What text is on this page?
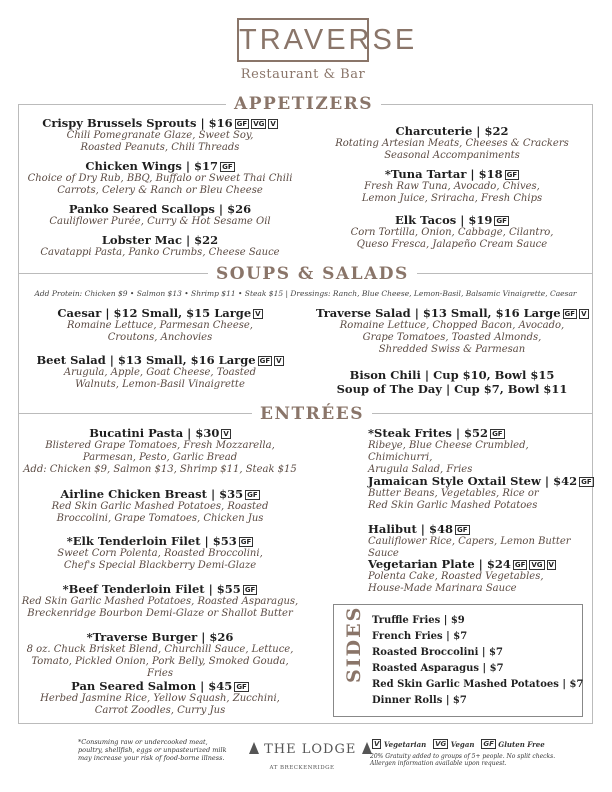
TRAVERSE
Restaurant & Bar
APPETIZERS
Crispy Brussels Sprouts | $16 GF VG V
Chili Pomegranate Glaze, Sweet Soy,
Roasted Peanuts, Chili Threads
Chicken Wings | $17 GF
Choice of Dry Rub, BBQ, Buffalo or Sweet Thai Chili
Carrots, Celery & Ranch or Bleu Cheese
Panko Seared Scallops | $26
Cauliflower Purée, Curry & Hot Sesame Oil
Lobster Mac | $22
Cavatappi Pasta, Panko Crumbs, Cheese Sauce
Charcuterie | $22
Rotating Artesian Meats, Cheeses & Crackers
Seasonal Accompaniments
*Tuna Tartar | $18 GF
Fresh Raw Tuna, Avocado, Chives,
Lemon Juice, Sriracha, Fresh Chips
Elk Tacos | $19 GF
Corn Tortilla, Onion, Cabbage, Cilantro,
Queso Fresca, Jalapeño Cream Sauce
SOUPS & SALADS
Add Protein: Chicken $9 • Salmon $13 • Shrimp $11 • Steak $15 | Dressings: Ranch, Blue Cheese, Lemon-Basil, Balsamic Vinaigrette, Caesar
Caesar | $12 Small, $15 Large V
Romaine Lettuce, Parmesan Cheese,
Croutons, Anchovies
Beet Salad | $13 Small, $16 Large GF V
Arugula, Apple, Goat Cheese, Toasted
Walnuts, Lemon-Basil Vinaigrette
Traverse Salad | $13 Small, $16 Large GF V
Romaine Lettuce, Chopped Bacon, Avocado,
Grape Tomatoes, Toasted Almonds,
Shredded Swiss & Parmesan
Bison Chili | Cup $10, Bowl $15
Soup of The Day | Cup $7, Bowl $11
ENTRÉES
Bucatini Pasta | $30 V
Blistered Grape Tomatoes, Fresh Mozzarella,
Parmesan, Pesto, Garlic Bread
Add: Chicken $9, Salmon $13, Shrimp $11, Steak $15
Airline Chicken Breast | $35 GF
Red Skin Garlic Mashed Potatoes, Roasted
Broccolini, Grape Tomatoes, Chicken Jus
*Elk Tenderloin Filet | $53 GF
Sweet Corn Polenta, Roasted Broccolini,
Chef's Special Blackberry Demi-Glaze
*Beef Tenderloin Filet | $55 GF
Red Skin Garlic Mashed Potatoes, Roasted Asparagus,
Breckenridge Bourbon Demi-Glaze or Shallot Butter
*Traverse Burger | $26
8 oz. Chuck Brisket Blend, Churchill Sauce, Lettuce,
Tomato, Pickled Onion, Pork Belly, Smoked Gouda, Fries
Pan Seared Salmon | $45 GF
Herbed Jasmine Rice, Yellow Squash, Zucchini,
Carrot Zoodles, Curry Jus
*Steak Frites | $52 GF
Ribeye, Blue Cheese Crumbled, Chimichurri,
Arugula Salad, Fries
Jamaican Style Oxtail Stew | $42 GF
Butter Beans, Vegetables, Rice or
Red Skin Garlic Mashed Potatoes
Halibut | $48 GF
Cauliflower Rice, Capers, Lemon Butter Sauce
Vegetarian Plate | $24 GF VG V
Polenta Cake, Roasted Vegetables,
House-Made Marinara Sauce
SIDES Truffle Fries | $9
French Fries | $7
Roasted Broccolini | $7
Roasted Asparagus | $7
Red Skin Garlic Mashed Potatoes | $7
Dinner Rolls | $7
*Consuming raw or undercooked meat,
poultry, shellfish, eggs or unpasteurized milk
may increase your risk of food-borne illness.
THE LODGE
AT BRECKENRIDGE
V Vegetarian VG Vegan GF Gluten Free
20% Gratuity added to groups of 5+ people. No split checks.
Allergen information available upon request.
